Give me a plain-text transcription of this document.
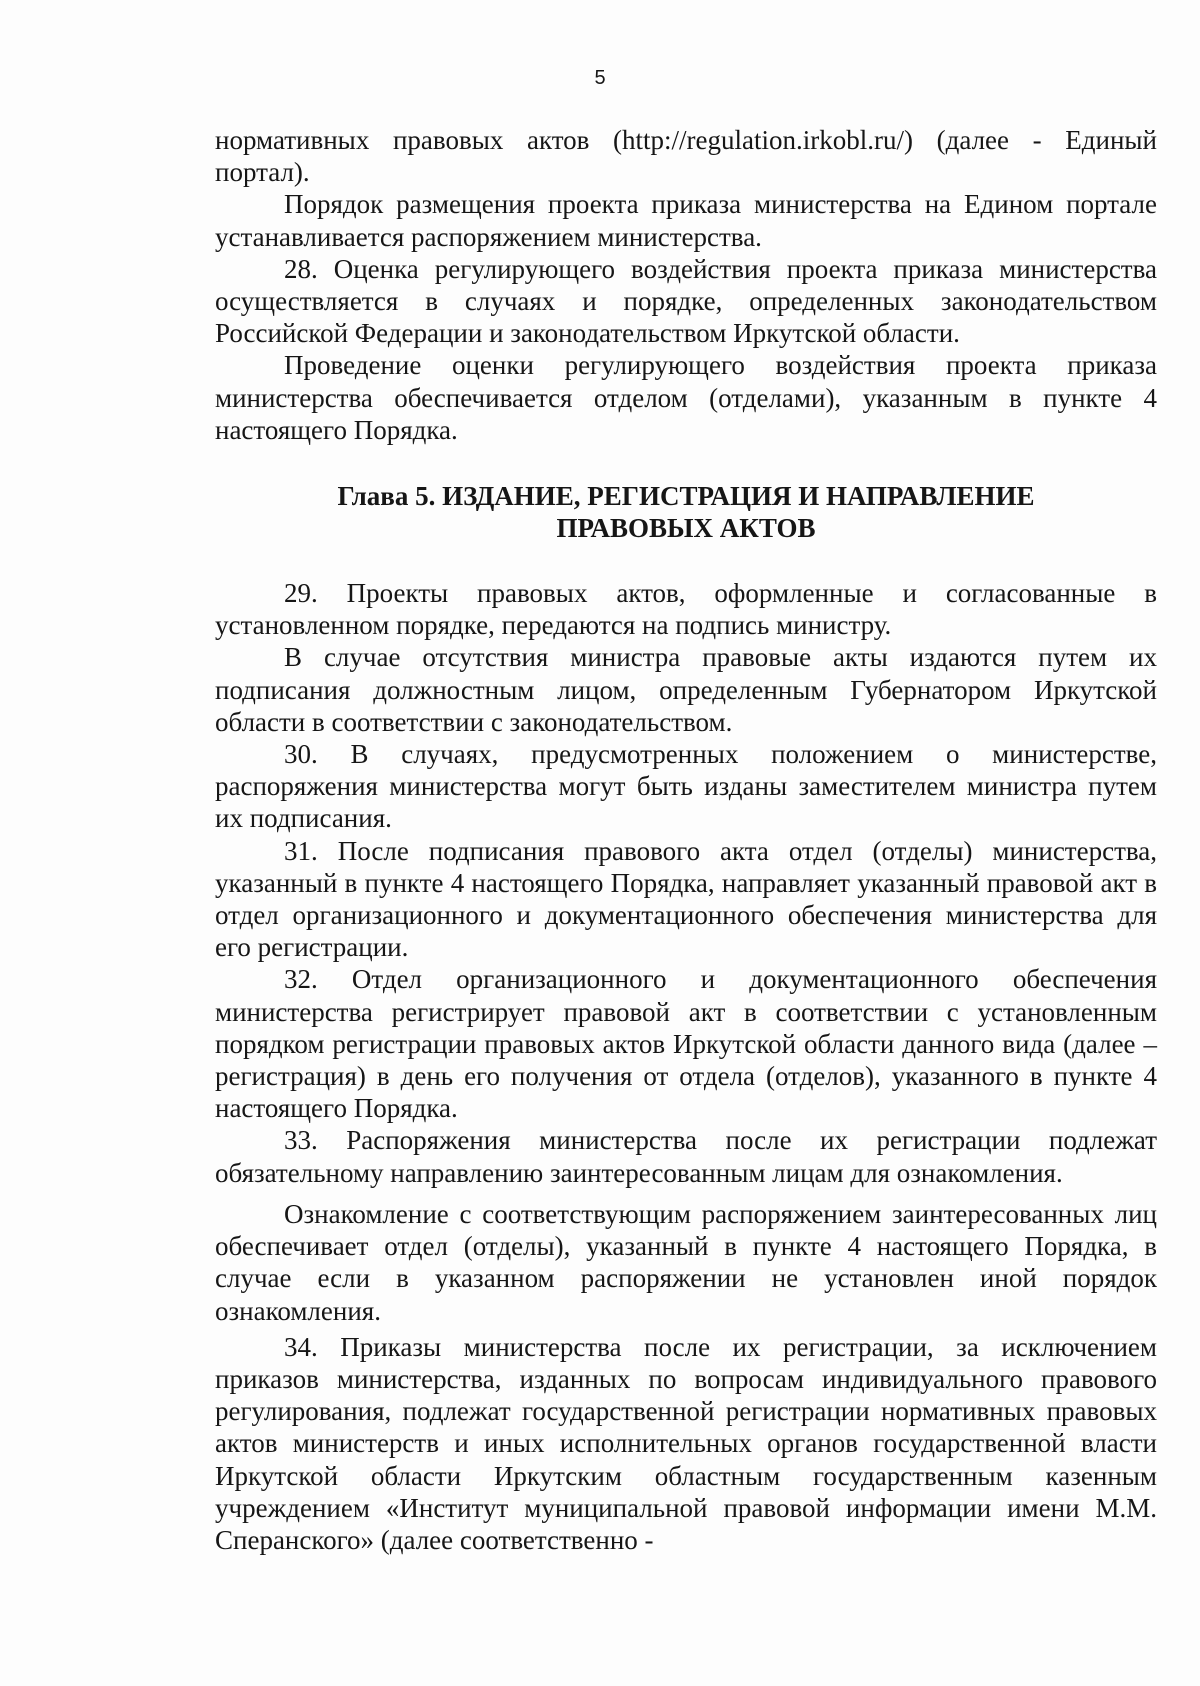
5

нормативных правовых актов (http://regulation.irkobl.ru/) (далее - Единый портал).

Порядок размещения проекта приказа министерства на Едином портале устанавливается распоряжением министерства.

28. Оценка регулирующего воздействия проекта приказа министерства осуществляется в случаях и порядке, определенных законодательством Российской Федерации и законодательством Иркутской области.

Проведение оценки регулирующего воздействия проекта приказа министерства обеспечивается отделом (отделами), указанным в пункте 4 настоящего Порядка.

Глава 5. ИЗДАНИЕ, РЕГИСТРАЦИЯ И НАПРАВЛЕНИЕ
ПРАВОВЫХ АКТОВ

29. Проекты правовых актов, оформленные и согласованные в установленном порядке, передаются на подпись министру.

В случае отсутствия министра правовые акты издаются путем их подписания должностным лицом, определенным Губернатором Иркутской области в соответствии с законодательством.

30. В случаях, предусмотренных положением о министерстве, распоряжения министерства могут быть изданы заместителем министра путем их подписания.

31. После подписания правового акта отдел (отделы) министерства, указанный в пункте 4 настоящего Порядка, направляет указанный правовой акт в отдел организационного и документационного обеспечения министерства для его регистрации.

32. Отдел организационного и документационного обеспечения министерства регистрирует правовой акт в соответствии с установленным порядком регистрации правовых актов Иркутской области данного вида (далее – регистрация) в день его получения от отдела (отделов), указанного в пункте 4 настоящего Порядка.

33. Распоряжения министерства после их регистрации подлежат обязательному направлению заинтересованным лицам для ознакомления.

Ознакомление с соответствующим распоряжением заинтересованных лиц обеспечивает отдел (отделы), указанный в пункте 4 настоящего Порядка, в случае если в указанном распоряжении не установлен иной порядок ознакомления.

34. Приказы министерства после их регистрации, за исключением приказов министерства, изданных по вопросам индивидуального правового регулирования, подлежат государственной регистрации нормативных правовых актов министерств и иных исполнительных органов государственной власти Иркутской области Иркутским областным государственным казенным учреждением «Институт муниципальной правовой информации имени М.М. Сперанского» (далее соответственно -
